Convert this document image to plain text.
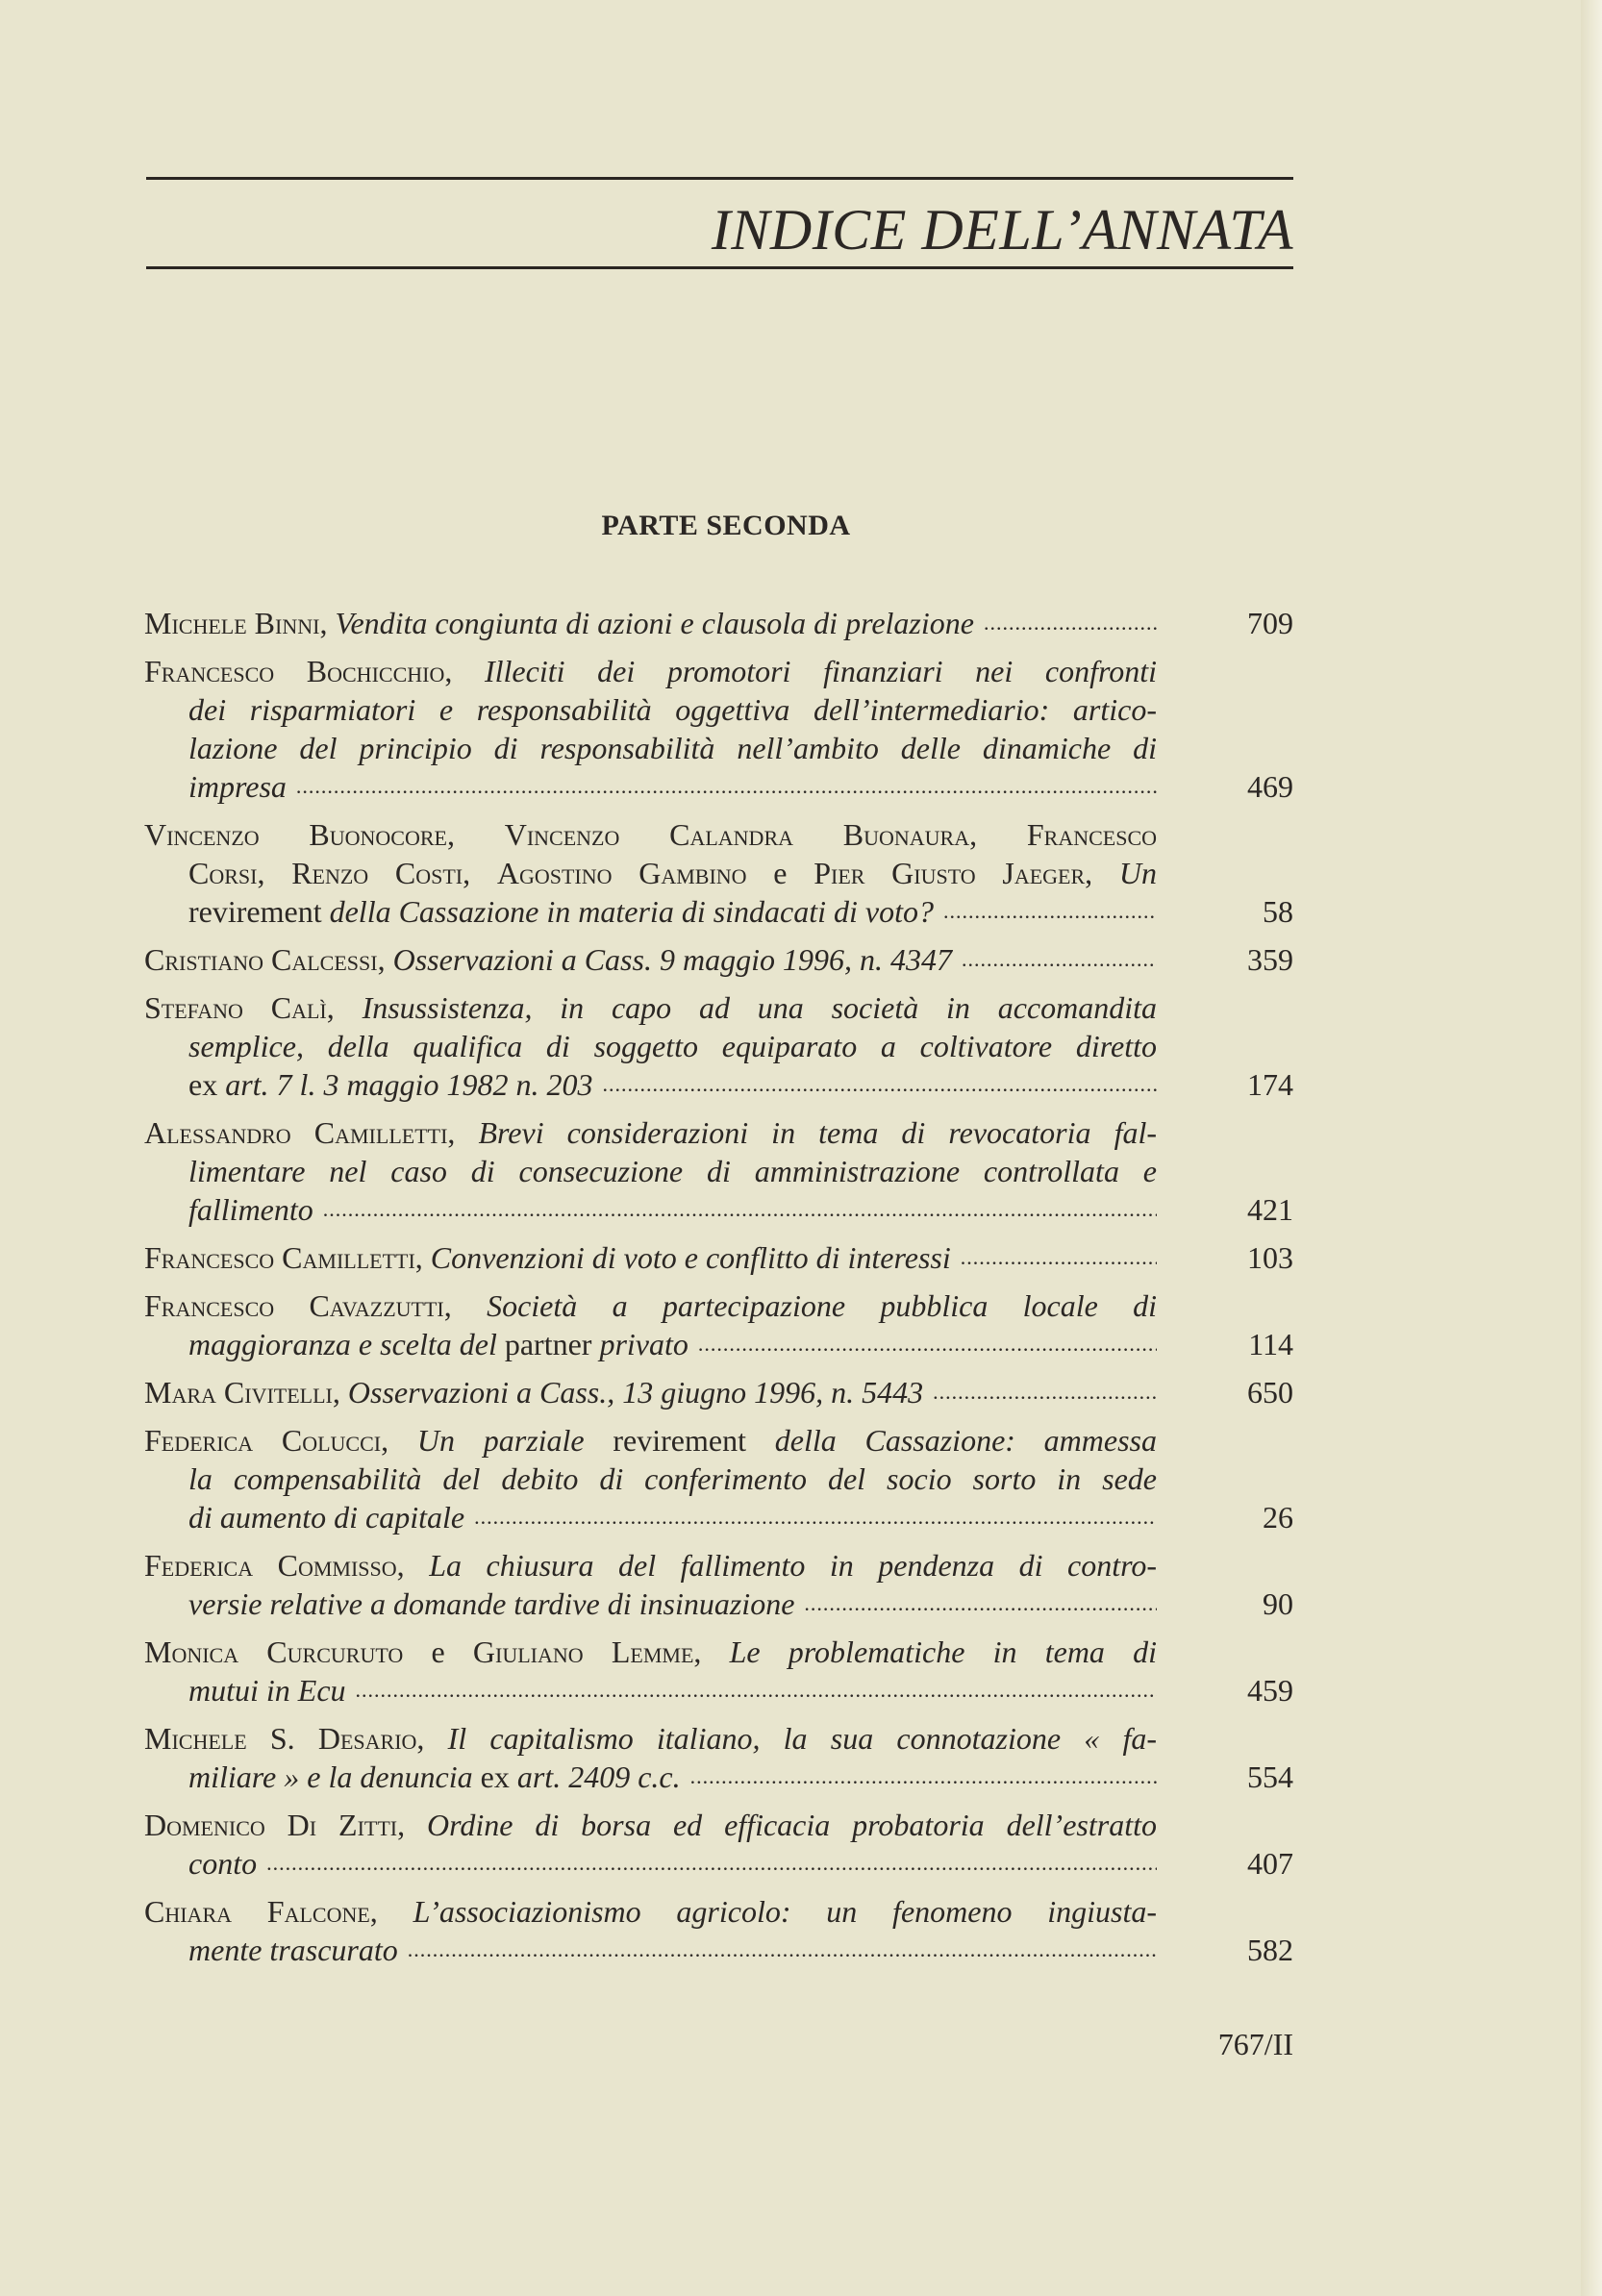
INDICE DELL’ANNATA
PARTE SECONDA
Michele Binni, Vendita congiunta di azioni e clausola di prelazione .....	709
Francesco Bochicchio, Illeciti dei promotori finanziari nei confronti
dei risparmiatori e responsabilità oggettiva dell’intermediario: artico-
lazione del principio di responsabilità nell’ambito delle dinamiche di
impresa .....	469
Vincenzo Buonocore, Vincenzo Calandra Buonaura, Francesco
Corsi, Renzo Costi, Agostino Gambino e Pier Giusto Jaeger, Un
revirement della Cassazione in materia di sindacati di voto? .....	58
Cristiano Calcessi, Osservazioni a Cass. 9 maggio 1996, n. 4347 .....	359
Stefano Calì, Insussistenza, in capo ad una società in accomandita
semplice, della qualifica di soggetto equiparato a coltivatore diretto
ex art. 7 l. 3 maggio 1982 n. 203 .....	174
Alessandro Camilletti, Brevi considerazioni in tema di revocatoria fal-
limentare nel caso di consecuzione di amministrazione controllata e
fallimento .....	421
Francesco Camilletti, Convenzioni di voto e conflitto di interessi .....	103
Francesco Cavazzutti, Società a partecipazione pubblica locale di
maggioranza e scelta del partner privato .....	114
Mara Civitelli, Osservazioni a Cass., 13 giugno 1996, n. 5443 .....	650
Federica Colucci, Un parziale revirement della Cassazione: ammessa
la compensabilità del debito di conferimento del socio sorto in sede
di aumento di capitale .....	26
Federica Commisso, La chiusura del fallimento in pendenza di contro-
versie relative a domande tardive di insinuazione .....	90
Monica Curcuruto e Giuliano Lemme, Le problematiche in tema di
mutui in Ecu .....	459
Michele S. Desario, Il capitalismo italiano, la sua connotazione « fa-
miliare » e la denuncia ex art. 2409 c.c. .....	554
Domenico Di Zitti, Ordine di borsa ed efficacia probatoria dell’estratto
conto .....	407
Chiara Falcone, L’associazionismo agricolo: un fenomeno ingiusta-
mente trascurato .....	582
767/II
